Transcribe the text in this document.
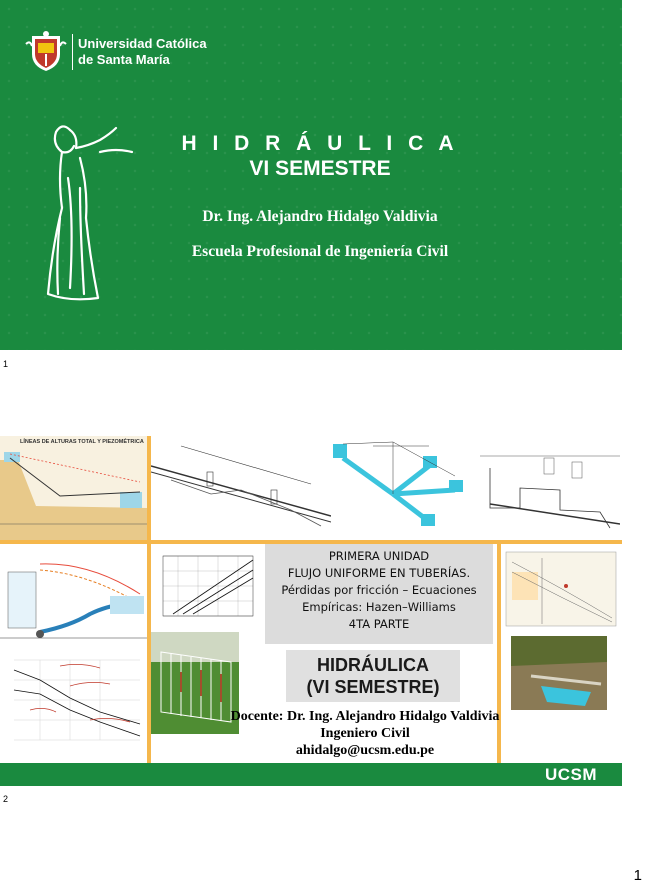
Universidad Católica
de Santa María
H I D R Á U L I C A
VI SEMESTRE
Dr. Ing. Alejandro Hidalgo Valdivia
Escuela Profesional de Ingeniería Civil
1
LÍNEAS DE ALTURAS TOTAL Y PIEZOMÉTRICA
PRIMERA UNIDAD
FLUJO UNIFORME EN TUBERÍAS.
Pérdidas por fricción – Ecuaciones
Empíricas: Hazen–Williams
4TA PARTE
HIDRÁULICA
(VI SEMESTRE)
Docente: Dr. Ing. Alejandro Hidalgo Valdivia
Ingeniero Civil
ahidalgo@ucsm.edu.pe
UCSM
2
1
